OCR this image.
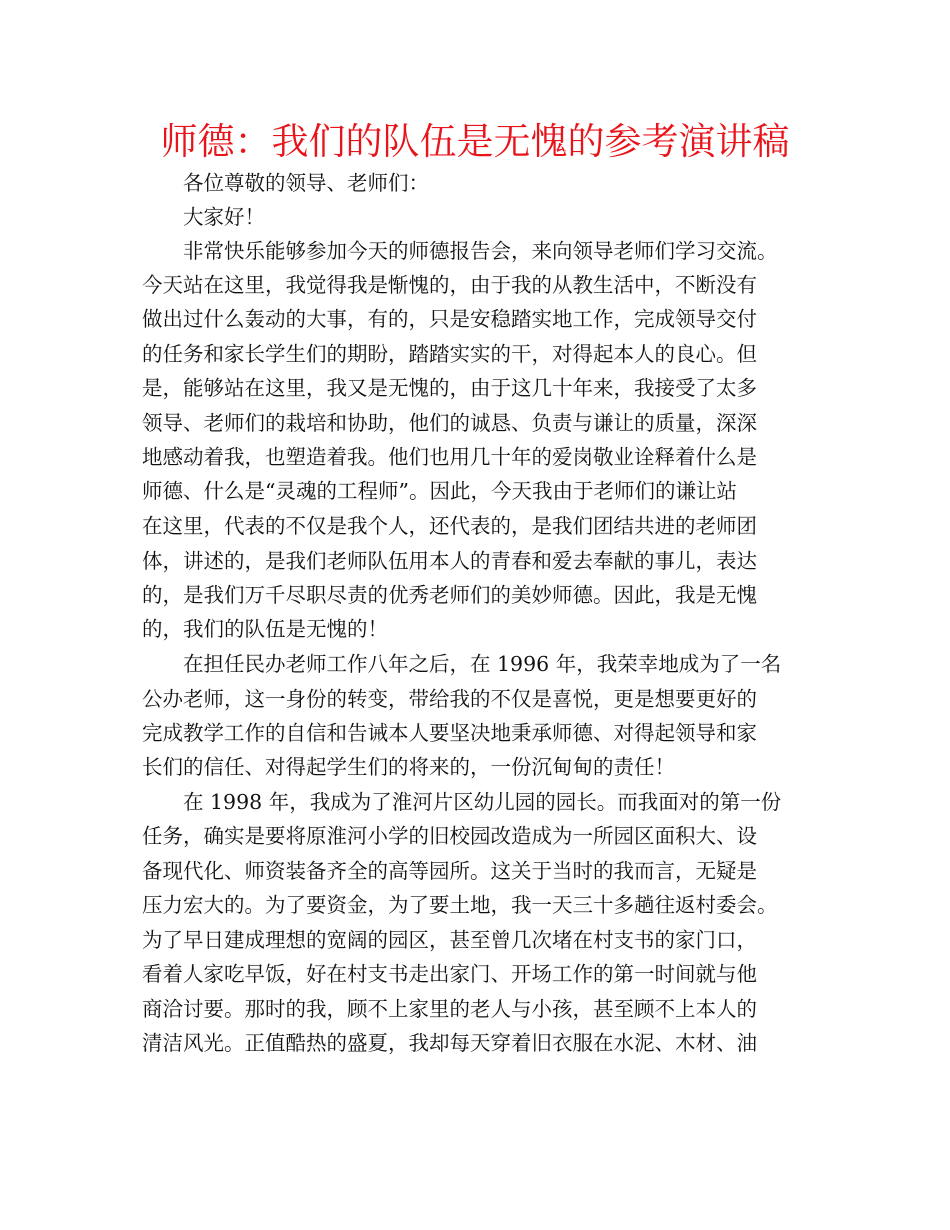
师德：我们的队伍是无愧的参考演讲稿

各位尊敬的领导、老师们：

大家好！

非常快乐能够参加今天的师德报告会，来向领导老师们学习交流。

今天站在这里，我觉得我是惭愧的，由于我的从教生活中，不断没有

做出过什么轰动的大事，有的，只是安稳踏实地工作，完成领导交付

的任务和家长学生们的期盼，踏踏实实的干，对得起本人的良心。但

是，能够站在这里，我又是无愧的，由于这几十年来，我接受了太多

领导、老师们的栽培和协助，他们的诚恳、负责与谦让的质量，深深

地感动着我，也塑造着我。他们也用几十年的爱岗敬业诠释着什么是

师德、什么是“灵魂的工程师”。因此，今天我由于老师们的谦让站

在这里，代表的不仅是我个人，还代表的，是我们团结共进的老师团

体，讲述的，是我们老师队伍用本人的青春和爱去奉献的事儿，表达

的，是我们万千尽职尽责的优秀老师们的美妙师德。因此，我是无愧

的，我们的队伍是无愧的！

在担任民办老师工作八年之后，在 1996 年，我荣幸地成为了一名

公办老师，这一身份的转变，带给我的不仅是喜悦，更是想要更好的

完成教学工作的自信和告诫本人要坚决地秉承师德、对得起领导和家

长们的信任、对得起学生们的将来的，一份沉甸甸的责任！

在 1998 年，我成为了淮河片区幼儿园的园长。而我面对的第一份

任务，确实是要将原淮河小学的旧校园改造成为一所园区面积大、设

备现代化、师资装备齐全的高等园所。这关于当时的我而言，无疑是

压力宏大的。为了要资金，为了要土地，我一天三十多趟往返村委会。

为了早日建成理想的宽阔的园区，甚至曾几次堵在村支书的家门口，

看着人家吃早饭，好在村支书走出家门、开场工作的第一时间就与他

商洽讨要。那时的我，顾不上家里的老人与小孩，甚至顾不上本人的

清洁风光。正值酷热的盛夏，我却每天穿着旧衣服在水泥、木材、油
